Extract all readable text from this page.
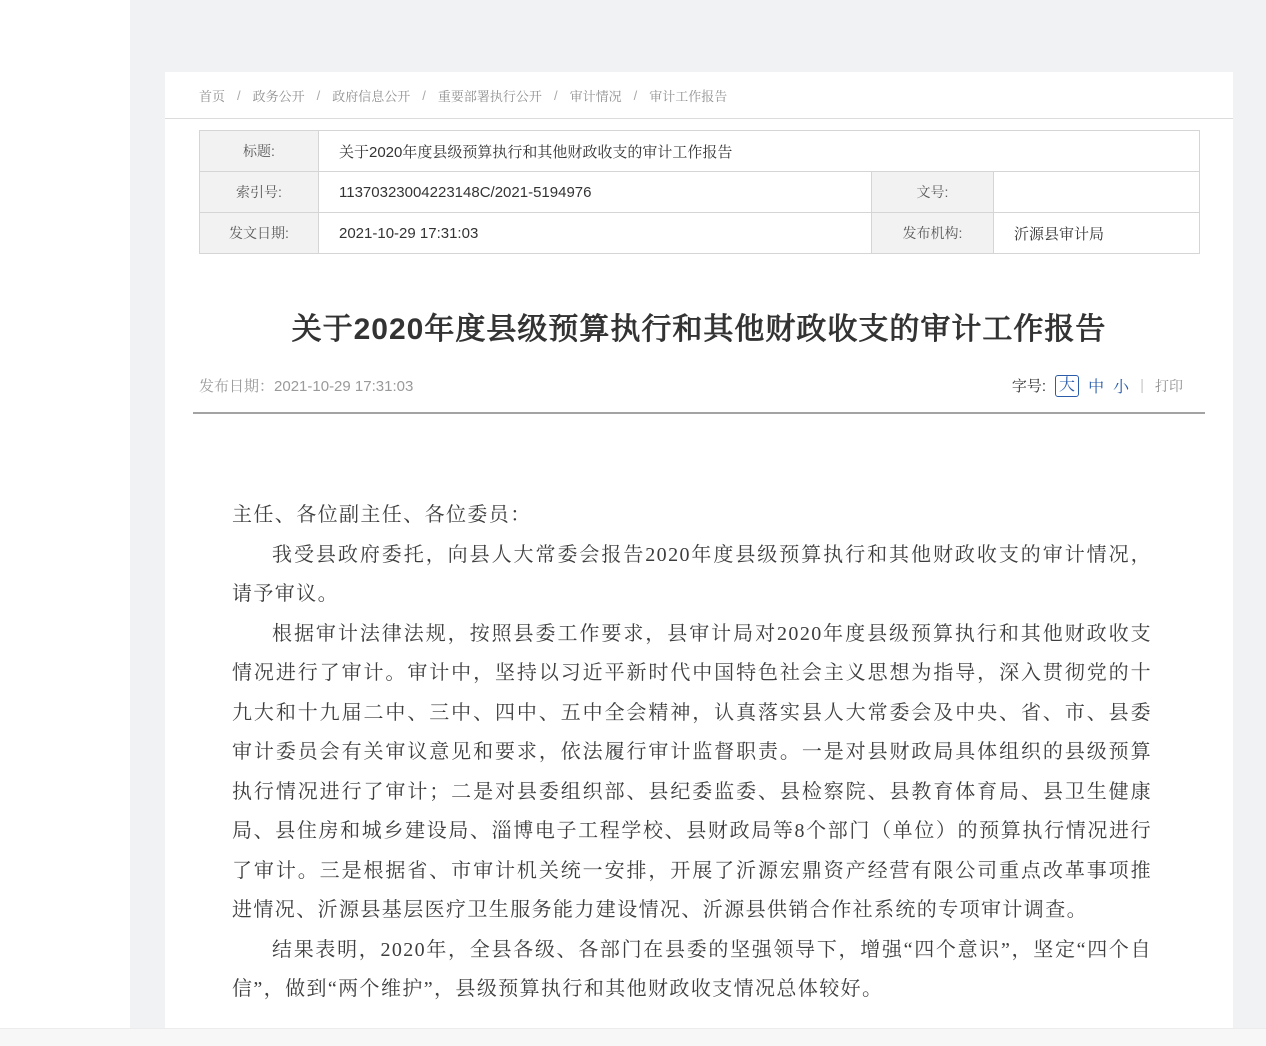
首页 / 政务公开 / 政府信息公开 / 重要部署执行公开 / 审计情况 / 审计工作报告
标题:	关于2020年度县级预算执行和其他财政收支的审计工作报告		
索引号:	11370323004223148C/2021-5194976	文号:	
发文日期:	2021-10-29 17:31:03	发布机构:	沂源县审计局
关于2020年度县级预算执行和其他财政收支的审计工作报告
发布日期：2021-10-29 17:31:03	字号: 大 中 小 | 打印

主任、各位副主任、各位委员：

我受县政府委托，向县人大常委会报告2020年度县级预算执行和其他财政收支的审计情况，请予审议。

根据审计法律法规，按照县委工作要求，县审计局对2020年度县级预算执行和其他财政收支情况进行了审计。审计中，坚持以习近平新时代中国特色社会主义思想为指导，深入贯彻党的十九大和十九届二中、三中、四中、五中全会精神，认真落实县人大常委会及中央、省、市、县委审计委员会有关审议意见和要求，依法履行审计监督职责。一是对县财政局具体组织的县级预算执行情况进行了审计；二是对县委组织部、县纪委监委、县检察院、县教育体育局、县卫生健康局、县住房和城乡建设局、淄博电子工程学校、县财政局等8个部门（单位）的预算执行情况进行了审计。三是根据省、市审计机关统一安排，开展了沂源宏鼎资产经营有限公司重点改革事项推进情况、沂源县基层医疗卫生服务能力建设情况、沂源县供销合作社系统的专项审计调查。

结果表明，2020年，全县各级、各部门在县委的坚强领导下，增强“四个意识”，坚定“四个自信”，做到“两个维护”，县级预算执行和其他财政收支情况总体较好。
